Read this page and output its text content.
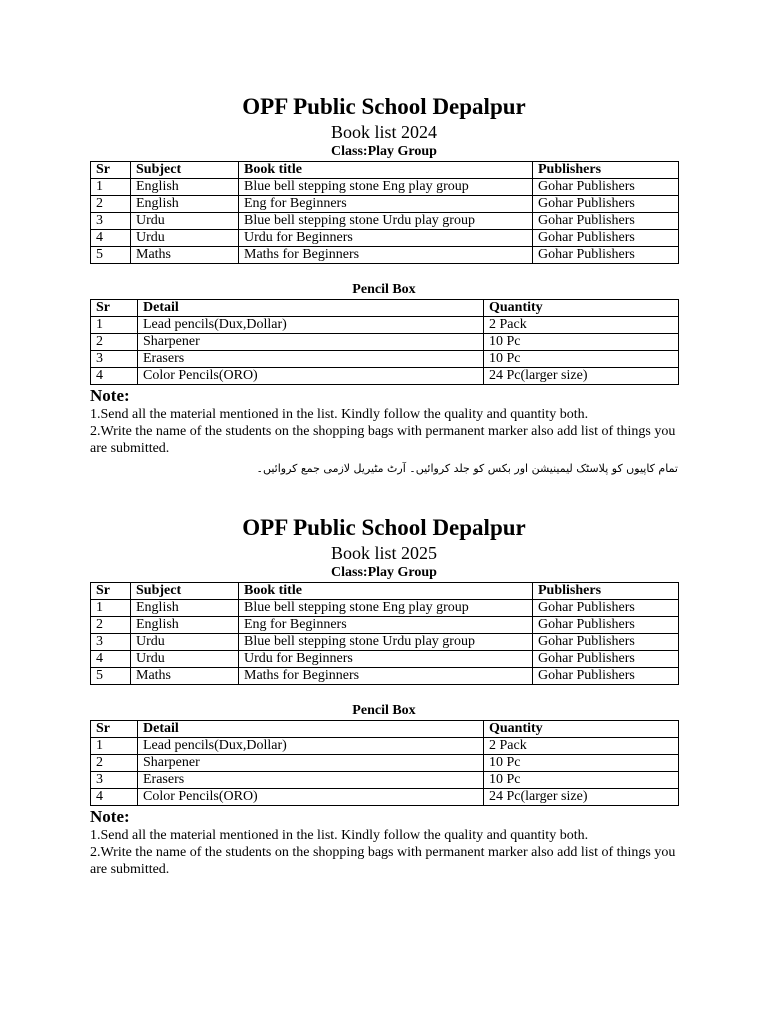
OPF Public School Depalpur
Book list 2024
Class:Play Group
Sr	Subject	Book title	Publishers
1	English	Blue bell stepping stone Eng play group	Gohar Publishers
2	English	Eng for Beginners	Gohar Publishers
3	Urdu	Blue bell stepping stone Urdu play group	Gohar Publishers
4	Urdu	Urdu for Beginners	Gohar Publishers
5	Maths	Maths for Beginners	Gohar Publishers
Pencil Box
Sr	Detail	Quantity
1	Lead pencils(Dux,Dollar)	2 Pack
2	Sharpener	10 Pc
3	Erasers	10 Pc
4	Color Pencils(ORO)	24 Pc(larger size)
Note:
1.Send all the material mentioned in the list. Kindly follow the quality and quantity both.
2.Write the name of the students on the shopping bags with permanent marker also add list of things you are submitted.
تمام کاپیوں کو پلاسٹک لیمینیشن اور بکس کو جلد کروائیں۔ آرٹ مٹیریل لازمی جمع کروائیں۔
OPF Public School Depalpur
Book list 2025
Class:Play Group
Sr	Subject	Book title	Publishers
1	English	Blue bell stepping stone Eng play group	Gohar Publishers
2	English	Eng for Beginners	Gohar Publishers
3	Urdu	Blue bell stepping stone Urdu play group	Gohar Publishers
4	Urdu	Urdu for Beginners	Gohar Publishers
5	Maths	Maths for Beginners	Gohar Publishers
Pencil Box
Sr	Detail	Quantity
1	Lead pencils(Dux,Dollar)	2 Pack
2	Sharpener	10 Pc
3	Erasers	10 Pc
4	Color Pencils(ORO)	24 Pc(larger size)
Note:
1.Send all the material mentioned in the list. Kindly follow the quality and quantity both.
2.Write the name of the students on the shopping bags with permanent marker also add list of things you are submitted.
